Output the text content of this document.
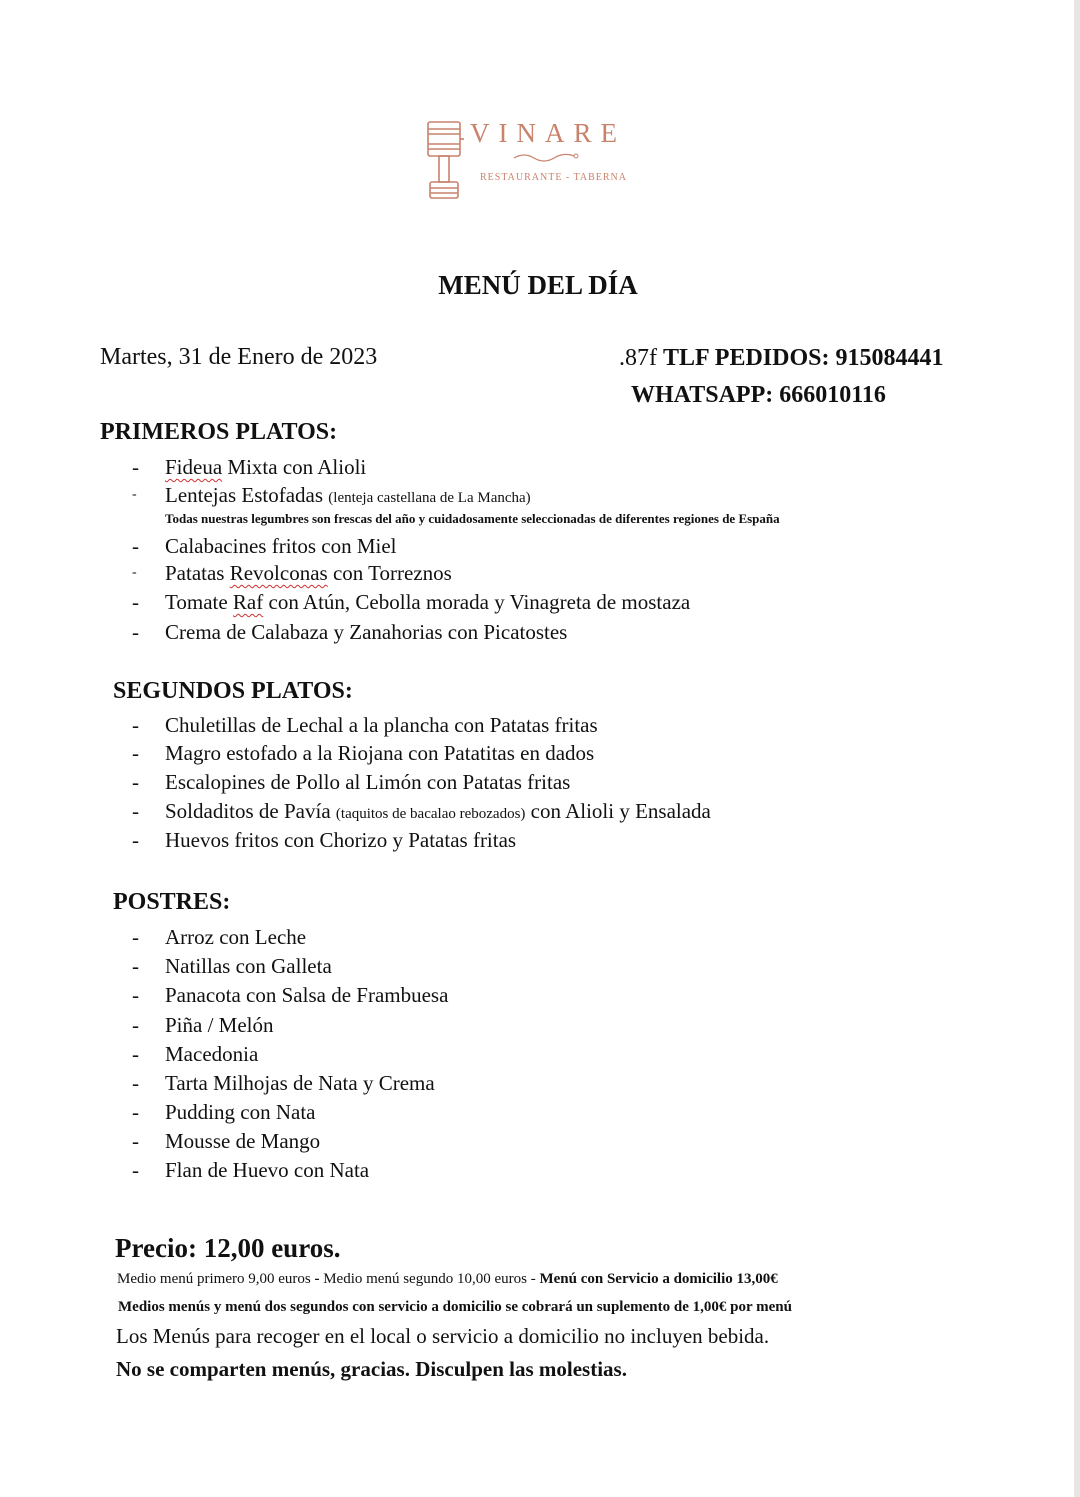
VINARE
RESTAURANTE - TABERNA
MENÚ DEL DÍA
Martes, 31 de Enero de 2023	.87f TLF PEDIDOS: 915084441
WHATSAPP: 666010116
PRIMEROS PLATOS:
- Fideua Mixta con Alioli
- Lentejas Estofadas (lenteja castellana de La Mancha)
Todas nuestras legumbres son frescas del año y cuidadosamente seleccionadas de diferentes regiones de España
- Calabacines fritos con Miel
- Patatas Revolconas con Torreznos
- Tomate Raf con Atún, Cebolla morada y Vinagreta de mostaza
- Crema de Calabaza y Zanahorias con Picatostes
SEGUNDOS PLATOS:
- Chuletillas de Lechal a la plancha con Patatas fritas
- Magro estofado a la Riojana con Patatitas en dados
- Escalopines de Pollo al Limón con Patatas fritas
- Soldaditos de Pavía (taquitos de bacalao rebozados) con Alioli y Ensalada
- Huevos fritos con Chorizo y Patatas fritas
POSTRES:
- Arroz con Leche
- Natillas con Galleta
- Panacota con Salsa de Frambuesa
- Piña / Melón
- Macedonia
- Tarta Milhojas de Nata y Crema
- Pudding con Nata
- Mousse de Mango
- Flan de Huevo con Nata
Precio: 12,00 euros.
Medio menú primero 9,00 euros - Medio menú segundo 10,00 euros - Menú con Servicio a domicilio 13,00€
Medios menús y menú dos segundos con servicio a domicilio se cobrará un suplemento de 1,00€ por menú
Los Menús para recoger en el local o servicio a domicilio no incluyen bebida.
No se comparten menús, gracias. Disculpen las molestias.
